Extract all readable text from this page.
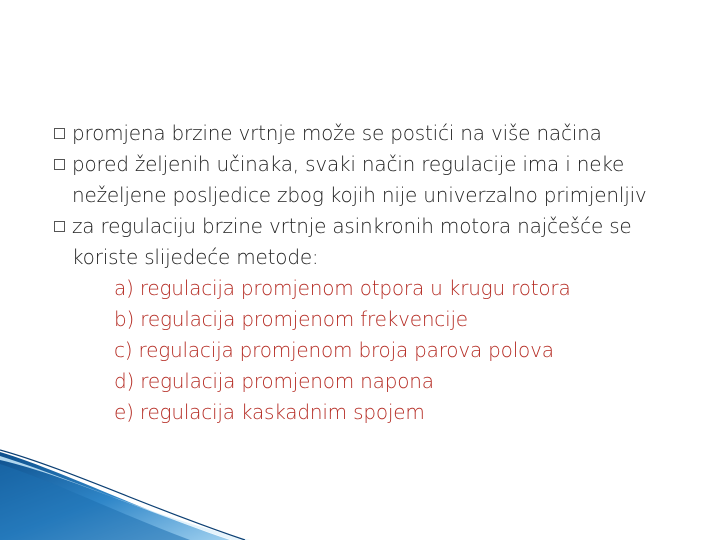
promjena brzine vrtnje može se postići na više načina
pored željenih učinaka, svaki način regulacije ima i neke
neželjene posljedice zbog kojih nije univerzalno primjenljiv
za regulaciju brzine vrtnje asinkronih motora najčešće se
koriste slijedeće metode:
a) regulacija promjenom otpora u krugu rotora
b) regulacija promjenom frekvencije
c) regulacija promjenom broja parova polova
d) regulacija promjenom napona
e) regulacija kaskadnim spojem
